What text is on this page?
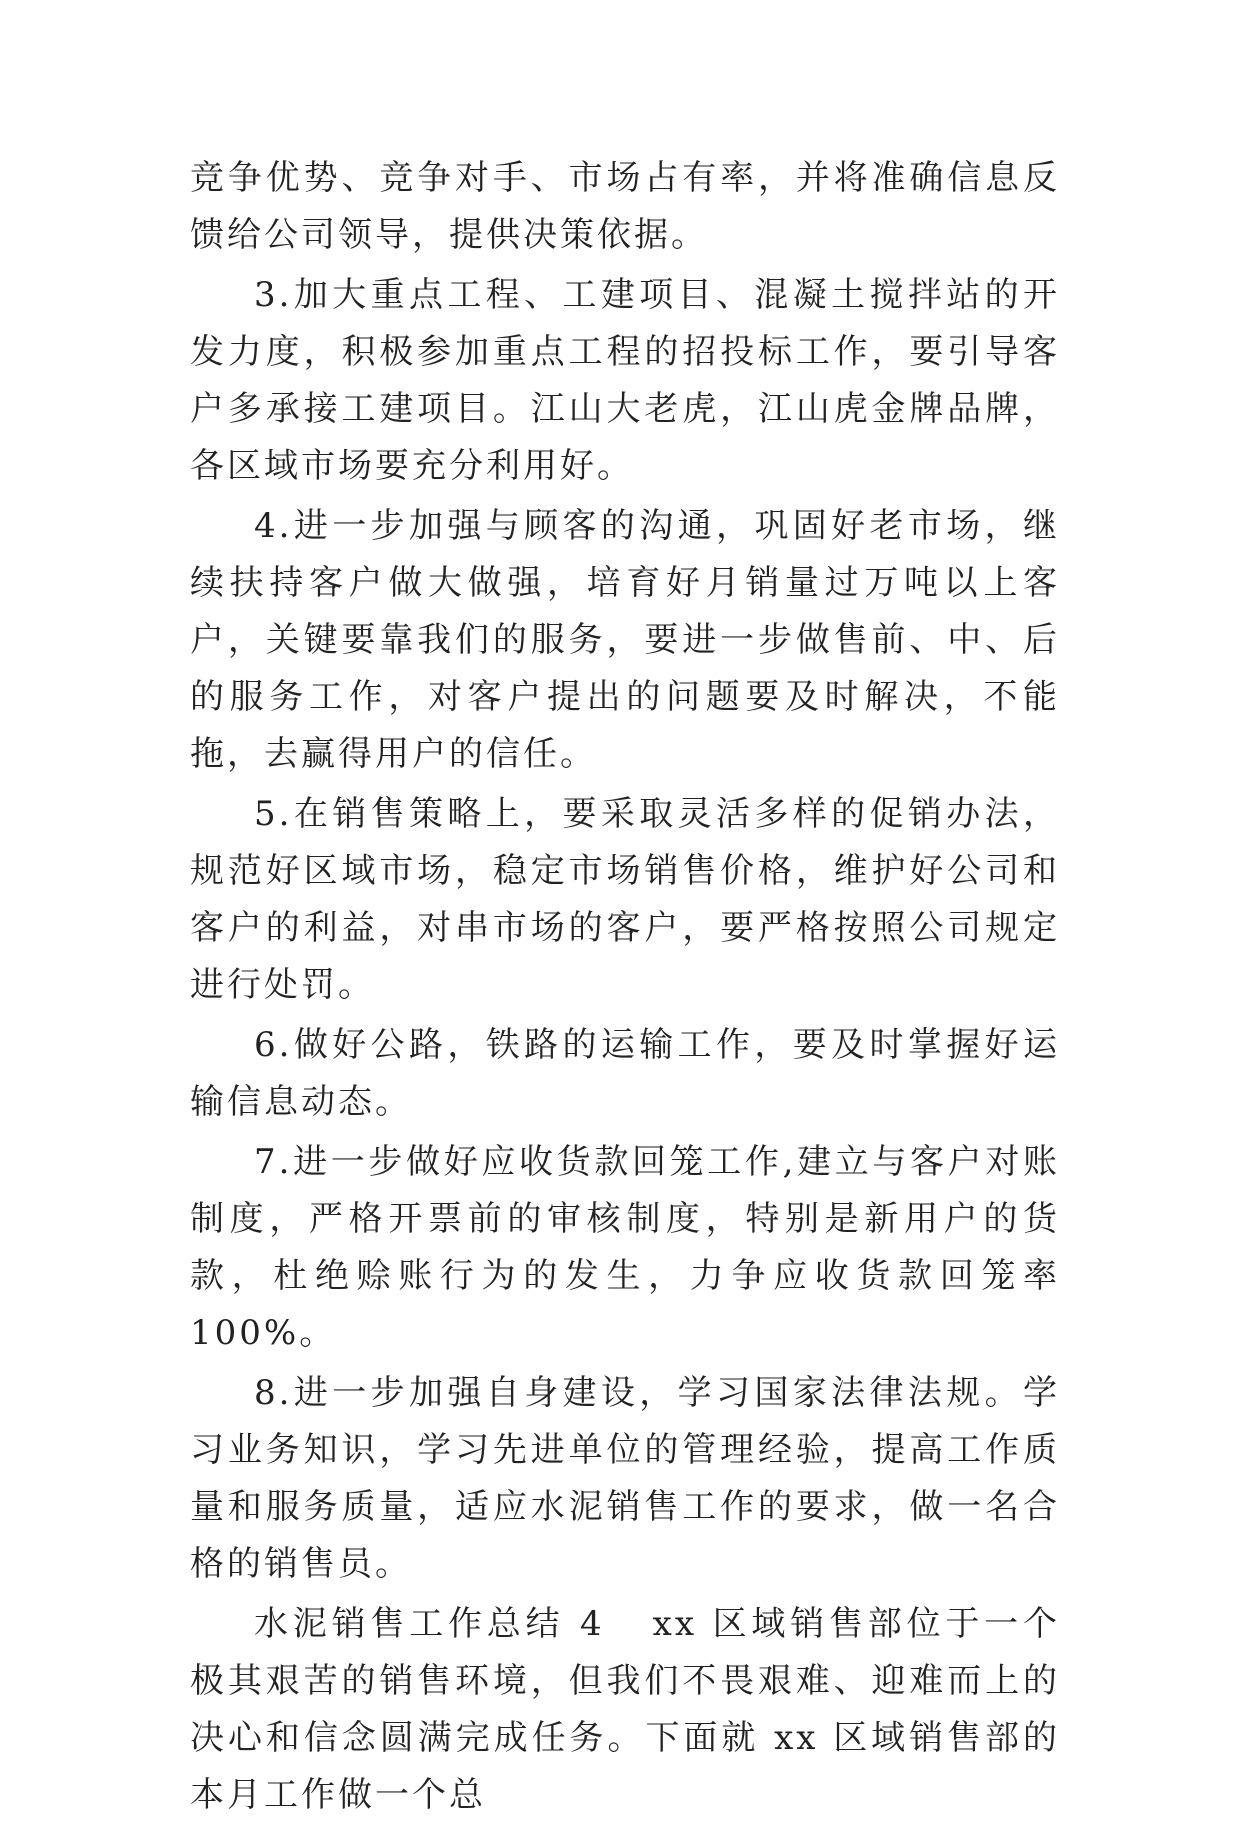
竞争优势、竞争对手、市场占有率，并将准确信息反馈给公司领导，提供决策依据。

3.加大重点工程、工建项目、混凝土搅拌站的开发力度，积极参加重点工程的招投标工作，要引导客户多承接工建项目。江山大老虎，江山虎金牌品牌，各区域市场要充分利用好。

4.进一步加强与顾客的沟通，巩固好老市场，继续扶持客户做大做强，培育好月销量过万吨以上客户，关键要靠我们的服务，要进一步做售前、中、后的服务工作，对客户提出的问题要及时解决，不能拖，去赢得用户的信任。

5.在销售策略上，要采取灵活多样的促销办法，规范好区域市场，稳定市场销售价格，维护好公司和客户的利益，对串市场的客户，要严格按照公司规定进行处罚。

6.做好公路，铁路的运输工作，要及时掌握好运输信息动态。

7.进一步做好应收货款回笼工作,建立与客户对账制度，严格开票前的审核制度，特别是新用户的货款，杜绝赊账行为的发生，力争应收货款回笼率100%。

8.进一步加强自身建设，学习国家法律法规。学习业务知识，学习先进单位的管理经验，提高工作质量和服务质量，适应水泥销售工作的要求，做一名合格的销售员。

水泥销售工作总结 4 xx 区域销售部位于一个极其艰苦的销售环境，但我们不畏艰难、迎难而上的决心和信念圆满完成任务。下面就 xx 区域销售部的本月工作做一个总
